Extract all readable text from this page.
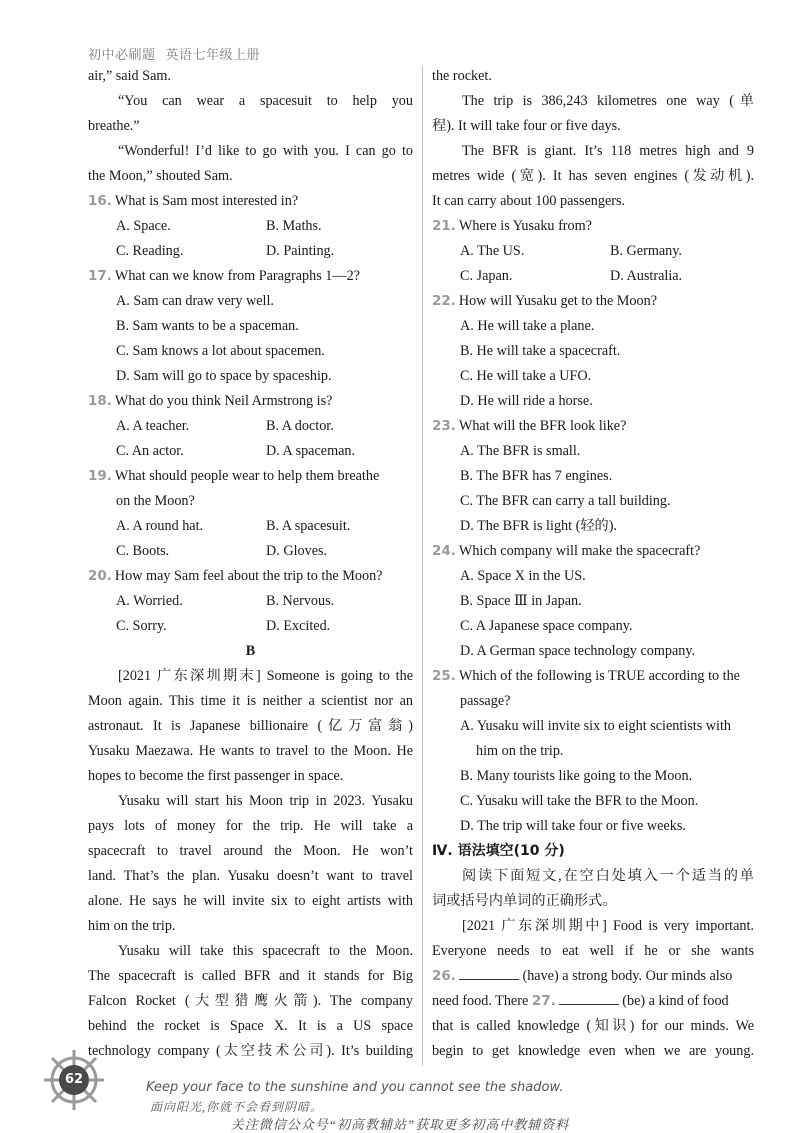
初中必刷题 英语七年级上册
air,” said Sam.
“You can wear a spacesuit to help you
breathe.”
“Wonderful! I’d like to go with you. I can go to
the Moon,” shouted Sam.
16. What is Sam most interested in?
A. Space.	B. Maths.
C. Reading.	D. Painting.
17. What can we know from Paragraphs 1—2?
A. Sam can draw very well.
B. Sam wants to be a spaceman.
C. Sam knows a lot about spacemen.
D. Sam will go to space by spaceship.
18. What do you think Neil Armstrong is?
A. A teacher.	B. A doctor.
C. An actor.	D. A spaceman.
19. What should people wear to help them breathe
on the Moon?
A. A round hat.	B. A spacesuit.
C. Boots.	D. Gloves.
20. How may Sam feel about the trip to the Moon?
A. Worried.	B. Nervous.
C. Sorry.	D. Excited.
B
[2021 广东深圳期末] Someone is going to the
Moon again. This time it is neither a scientist nor an
astronaut. It is Japanese billionaire (亿万富翁)
Yusaku Maezawa. He wants to travel to the Moon. He
hopes to become the first passenger in space.
Yusaku will start his Moon trip in 2023. Yusaku
pays lots of money for the trip. He will take a
spacecraft to travel around the Moon. He won’t
land. That’s the plan. Yusaku doesn’t want to travel
alone. He says he will invite six to eight artists with
him on the trip.
Yusaku will take this spacecraft to the Moon.
The spacecraft is called BFR and it stands for Big
Falcon Rocket (大型猎鹰火箭). The company
behind the rocket is Space X. It is a US space
technology company (太空技术公司). It’s building
the rocket.
The trip is 386,243 kilometres one way (单
程). It will take four or five days.
The BFR is giant. It’s 118 metres high and 9
metres wide (宽). It has seven engines (发动机).
It can carry about 100 passengers.
21. Where is Yusaku from?
A. The US.	B. Germany.
C. Japan.	D. Australia.
22. How will Yusaku get to the Moon?
A. He will take a plane.
B. He will take a spacecraft.
C. He will take a UFO.
D. He will ride a horse.
23. What will the BFR look like?
A. The BFR is small.
B. The BFR has 7 engines.
C. The BFR can carry a tall building.
D. The BFR is light (轻的).
24. Which company will make the spacecraft?
A. Space X in the US.
B. Space Ⅲ in Japan.
C. A Japanese space company.
D. A German space technology company.
25. Which of the following is TRUE according to the
passage?
A. Yusaku will invite six to eight scientists with
him on the trip.
B. Many tourists like going to the Moon.
C. Yusaku will take the BFR to the Moon.
D. The trip will take four or five weeks.
Ⅳ. 语法填空(10 分)
阅读下面短文,在空白处填入一个适当的单
词或括号内单词的正确形式。
[2021 广东深圳期中] Food is very important.
Everyone needs to eat well if he or she wants
26.	(have) a strong body. Our minds also
need food. There 27.	(be) a kind of food
that is called knowledge (知识) for our minds. We
begin to get knowledge even when we are young.
62
Keep your face to the sunshine and you cannot see the shadow.
面向阳光,你就不会看到阴暗。
关注微信公众号“初高教辅站”获取更多初高中教辅资料
